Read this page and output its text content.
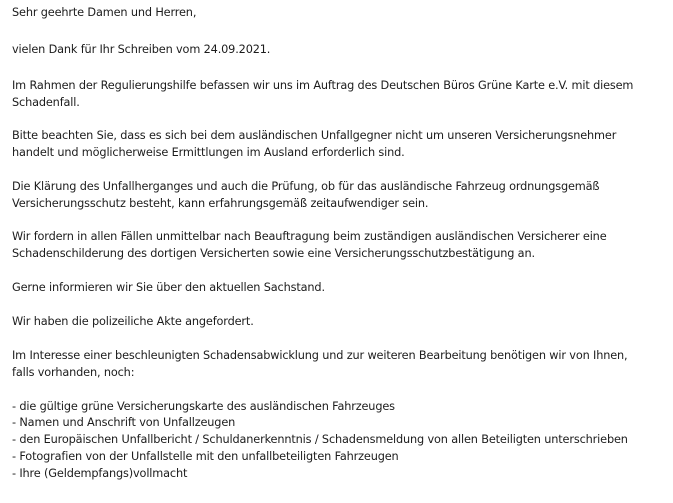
Sehr geehrte Damen und Herren,
vielen Dank für Ihr Schreiben vom 24.09.2021.
Im Rahmen der Regulierungshilfe befassen wir uns im Auftrag des Deutschen Büros Grüne Karte e.V. mit diesem
Schadenfall.
Bitte beachten Sie, dass es sich bei dem ausländischen Unfallgegner nicht um unseren Versicherungsnehmer
handelt und möglicherweise Ermittlungen im Ausland erforderlich sind.
Die Klärung des Unfallherganges und auch die Prüfung, ob für das ausländische Fahrzeug ordnungsgemäß
Versicherungsschutz besteht, kann erfahrungsgemäß zeitaufwendiger sein.
Wir fordern in allen Fällen unmittelbar nach Beauftragung beim zuständigen ausländischen Versicherer eine
Schadenschilderung des dortigen Versicherten sowie eine Versicherungsschutzbestätigung an.
Gerne informieren wir Sie über den aktuellen Sachstand.
Wir haben die polizeiliche Akte angefordert.
Im Interesse einer beschleunigten Schadensabwicklung und zur weiteren Bearbeitung benötigen wir von Ihnen,
falls vorhanden, noch:
- die gültige grüne Versicherungskarte des ausländischen Fahrzeuges
- Namen und Anschrift von Unfallzeugen
- den Europäischen Unfallbericht / Schuldanerkenntnis / Schadensmeldung von allen Beteiligten unterschrieben
- Fotografien von der Unfallstelle mit den unfallbeteiligten Fahrzeugen
- Ihre (Geldempfangs)vollmacht
